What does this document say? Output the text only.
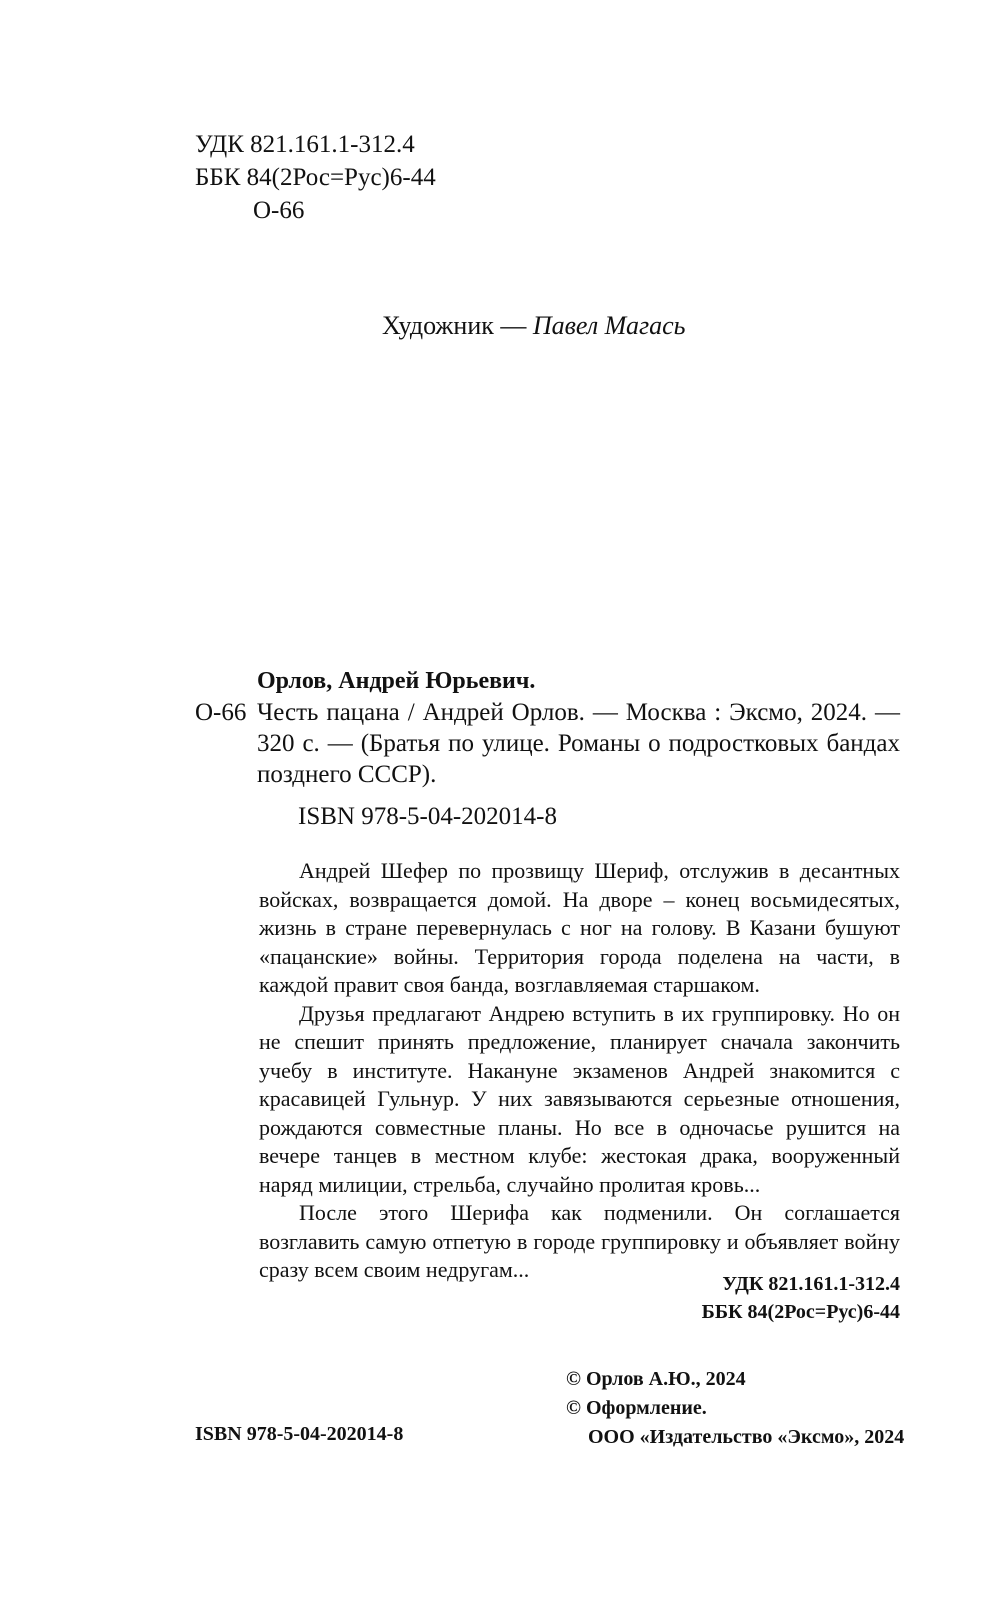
УДК 821.161.1-312.4
ББК 84(2Рос=Рус)6-44
О-66
Художник — Павел Магась
Орлов, Андрей Юрьевич.
О-66 Честь пацана / Андрей Орлов. — Москва : Эксмо, 2024. — 320 с. — (Братья по улице. Романы о подростковых бандах позднего СССР).
ISBN 978-5-04-202014-8

Андрей Шефер по прозвищу Шериф, отслужив в десантных войсках, возвращается домой. На дворе – конец восьмидесятых, жизнь в стране перевернулась с ног на голову. В Казани бушуют «пацанские» войны. Территория города поделена на части, в каждой правит своя банда, возглавляемая старшаком.

Друзья предлагают Андрею вступить в их группировку. Но он не спешит принять предложение, планирует сначала закончить учебу в институте. Накануне экзаменов Андрей знакомится с красавицей Гульнур. У них завязываются серьезные отношения, рождаются совместные планы. Но все в одночасье рушится на вечере танцев в местном клубе: жестокая драка, вооруженный наряд милиции, стрельба, случайно пролитая кровь...

После этого Шерифа как подменили. Он соглашается возглавить самую отпетую в городе группировку и объявляет войну сразу всем своим недругам...

УДК 821.161.1-312.4
ББК 84(2Рос=Рус)6-44
© Орлов А.Ю., 2024
© Оформление.
ООО «Издательство «Эксмо», 2024
ISBN 978-5-04-202014-8
